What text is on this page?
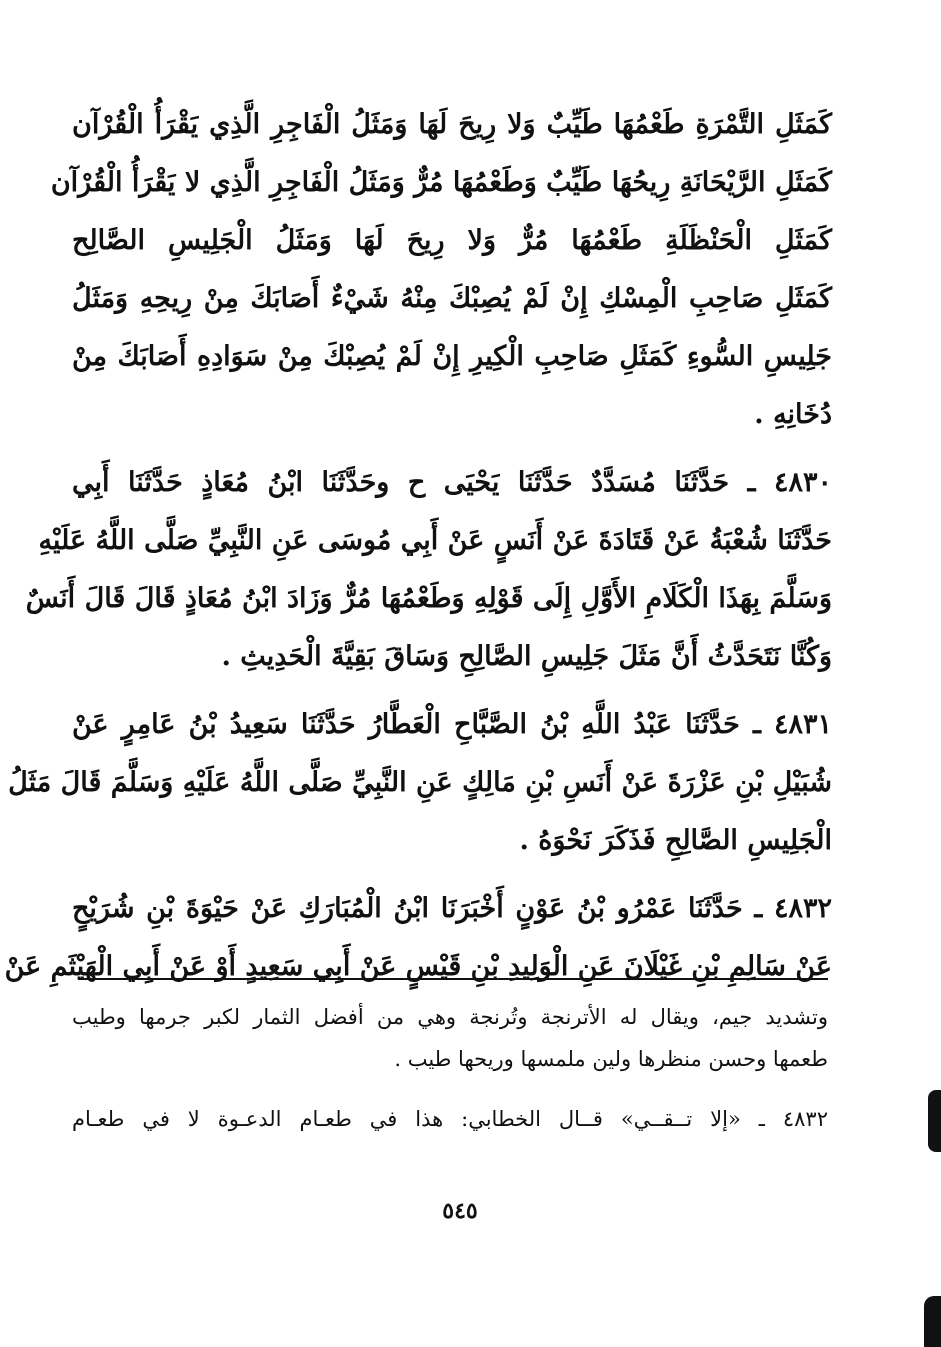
كَمَثَلِ التَّمْرَةِ طَعْمُهَا طَيِّبٌ وَلا رِيحَ لَهَا وَمَثَلُ الْفَاجِرِ الَّذِي يَقْرَأُ الْقُرْآن
كَمَثَلِ الرَّيْحَانَةِ رِيحُهَا طَيِّبٌ وَطَعْمُهَا مُرٌّ وَمَثَلُ الْفَاجِرِ الَّذِي لا يَقْرَأُ الْقُرْآن
كَمَثَلِ الْحَنْظَلَةِ طَعْمُهَا مُرٌّ وَلا رِيحَ لَهَا وَمَثَلُ الْجَلِيسِ الصَّالِح
كَمَثَلِ صَاحِبِ الْمِسْكِ إِنْ لَمْ يُصِبْكَ مِنْهُ شَيْءٌ أَصَابَكَ مِنْ رِيحِهِ وَمَثَلُ
جَلِيسِ السُّوءِ كَمَثَلِ صَاحِبِ الْكِيرِ إِنْ لَمْ يُصِبْكَ مِنْ سَوَادِهِ أَصَابَكَ مِنْ
دُخَانِهِ .
٤٨٣٠ ـ حَدَّثَنَا مُسَدَّدٌ حَدَّثَنَا يَحْيَى ح وحَدَّثَنَا ابْنُ مُعَاذٍ حَدَّثَنَا أَبِي
حَدَّثَنَا شُعْبَةُ عَنْ قَتَادَةَ عَنْ أَنَسٍ عَنْ أَبِي مُوسَى عَنِ النَّبِيِّ صَلَّى اللَّهُ عَلَيْهِ
وَسَلَّمَ بِهَذَا الْكَلَامِ الأَوَّلِ إِلَى قَوْلِهِ وَطَعْمُهَا مُرٌّ وَزَادَ ابْنُ مُعَاذٍ قَالَ قَالَ أَنَسٌ
وَكُنَّا نَتَحَدَّثُ أَنَّ مَثَلَ جَلِيسِ الصَّالِحِ وَسَاقَ بَقِيَّةَ الْحَدِيثِ .
٤٨٣١ ـ حَدَّثَنَا عَبْدُ اللَّهِ بْنُ الصَّبَّاحِ الْعَطَّارُ حَدَّثَنَا سَعِيدُ بْنُ عَامِرٍ عَنْ
شُبَيْلِ بْنِ عَزْرَةَ عَنْ أَنَسِ بْنِ مَالِكٍ عَنِ النَّبِيِّ صَلَّى اللَّهُ عَلَيْهِ وَسَلَّمَ قَالَ مَثَلُ
الْجَلِيسِ الصَّالِحِ فَذَكَرَ نَحْوَهُ .
٤٨٣٢ ـ حَدَّثَنَا عَمْرُو بْنُ عَوْنٍ أَخْبَرَنَا ابْنُ الْمُبَارَكِ عَنْ حَيْوَةَ بْنِ شُرَيْحٍ
عَنْ سَالِمِ بْنِ غَيْلَانَ عَنِ الْوَلِيدِ بْنِ قَيْسٍ عَنْ أَبِي سَعِيدٍ أَوْ عَنْ أَبِي الْهَيْثَمِ عَنْ
وتشديد جيم، ويقال له الأترنجة وتُرنجة وهي من أفضل الثمار لكبر جرمها وطيب
طعمها وحسن منظرها ولين ملمسها وريحها طيب .
٤٨٣٢ ـ «إلا تــقــي» قــال الخطابي: هذا في طعـام الدعـوة لا في طعـام
٥٤٥
